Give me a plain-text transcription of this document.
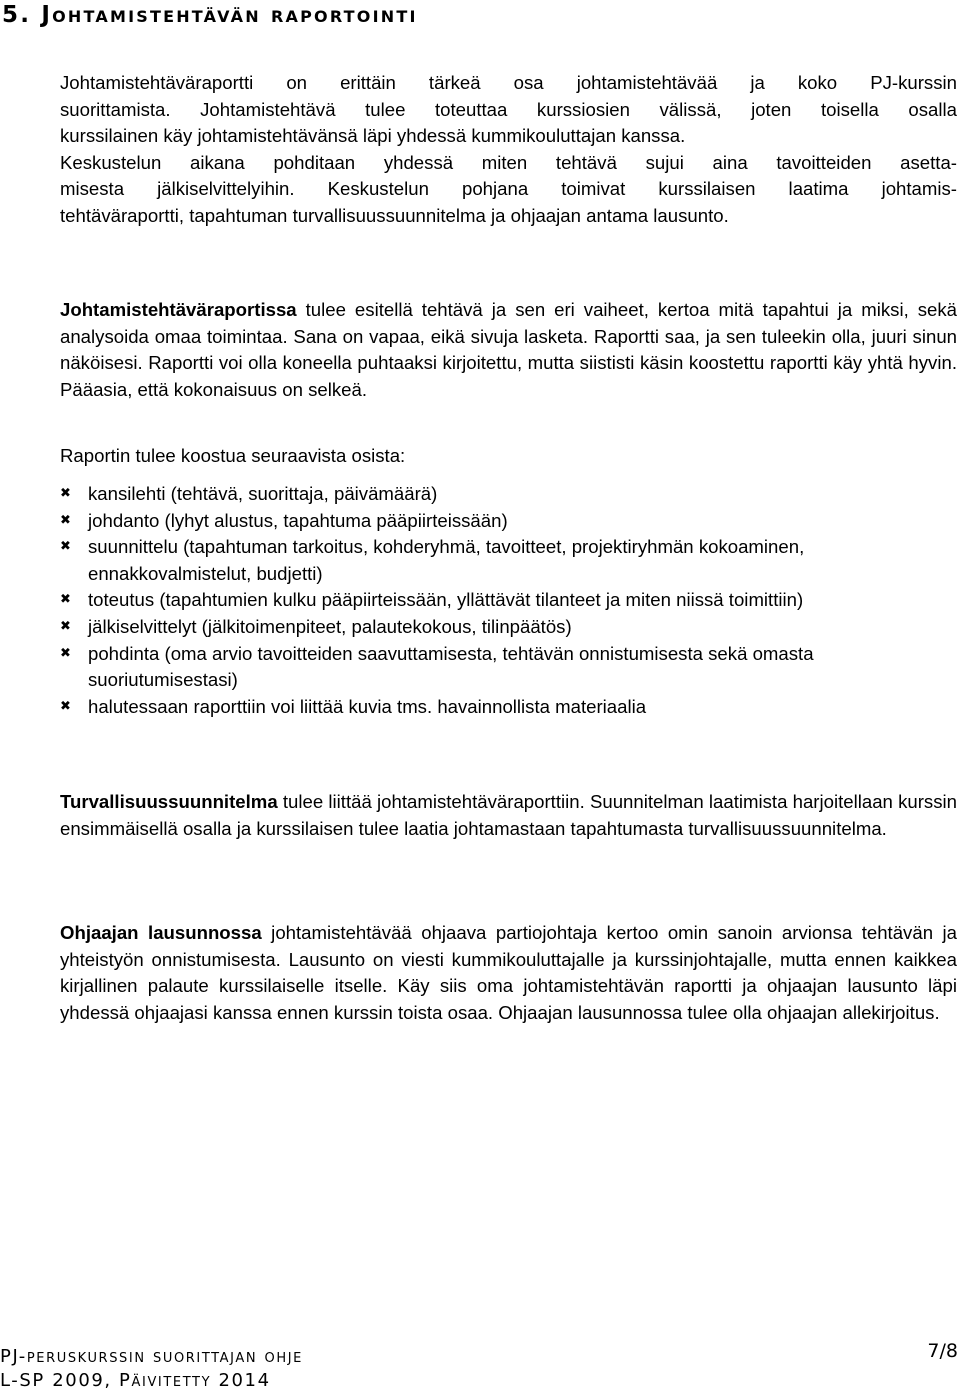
5. Johtamistehtävän raportointi

Johtamistehtäväraportti on erittäin tärkeä osa johtamistehtävää ja koko PJ-kurssin
suorittamista. Johtamistehtävä tulee toteuttaa kurssiosien välissä, joten toisella osalla
kurssilainen käy johtamistehtävänsä läpi yhdessä kummikouluttajan kanssa.
Keskustelun aikana pohditaan yhdessä miten tehtävä sujui aina tavoitteiden asetta-
misesta jälkiselvittelyihin. Keskustelun pohjana toimivat kurssilaisen laatima johtamis-
tehtäväraportti, tapahtuman turvallisuussuunnitelma ja ohjaajan antama lausunto.

Johtamistehtäväraportissa tulee esitellä tehtävä ja sen eri vaiheet, kertoa mitä tapahtui ja miksi, sekä analysoida omaa toimintaa. Sana on vapaa, eikä sivuja lasketa. Raportti saa, ja sen tuleekin olla, juuri sinun näköisesi. Raportti voi olla koneella puhtaaksi kirjoitettu, mutta siististi käsin koostettu raportti käy yhtä hyvin. Pääasia, että kokonaisuus on selkeä.

Raportin tulee koostua seuraavista osista:

✖ kansilehti (tehtävä, suorittaja, päivämäärä)
✖ johdanto (lyhyt alustus, tapahtuma pääpiirteissään)
✖ suunnittelu (tapahtuman tarkoitus, kohderyhmä, tavoitteet, projektiryhmän kokoaminen, ennakkovalmistelut, budjetti)
✖ toteutus (tapahtumien kulku pääpiirteissään, yllättävät tilanteet ja miten niissä toimittiin)
✖ jälkiselvittelyt (jälkitoimenpiteet, palautekokous, tilinpäätös)
✖ pohdinta (oma arvio tavoitteiden saavuttamisesta, tehtävän onnistumisesta sekä omasta suoriutumisestasi)
✖ halutessaan raporttiin voi liittää kuvia tms. havainnollista materiaalia

Turvallisuussuunnitelma tulee liittää johtamistehtäväraporttiin. Suunnitelman laatimista harjoitellaan kurssin ensimmäisellä osalla ja kurssilaisen tulee laatia johtamastaan tapahtumasta turvallisuussuunnitelma.

Ohjaajan lausunnossa johtamistehtävää ohjaava partiojohtaja kertoo omin sanoin arvionsa tehtävän ja yhteistyön onnistumisesta. Lausunto on viesti kummikouluttajalle ja kurssinjohtajalle, mutta ennen kaikkea kirjallinen palaute kurssilaiselle itselle. Käy siis oma johtamistehtävän raportti ja ohjaajan lausunto läpi yhdessä ohjaajasi kanssa ennen kurssin toista osaa. Ohjaajan lausunnossa tulee olla ohjaajan allekirjoitus.

PJ-peruskurssin suorittajan ohje
L-SP 2009, Päivitetty 2014
7/8
